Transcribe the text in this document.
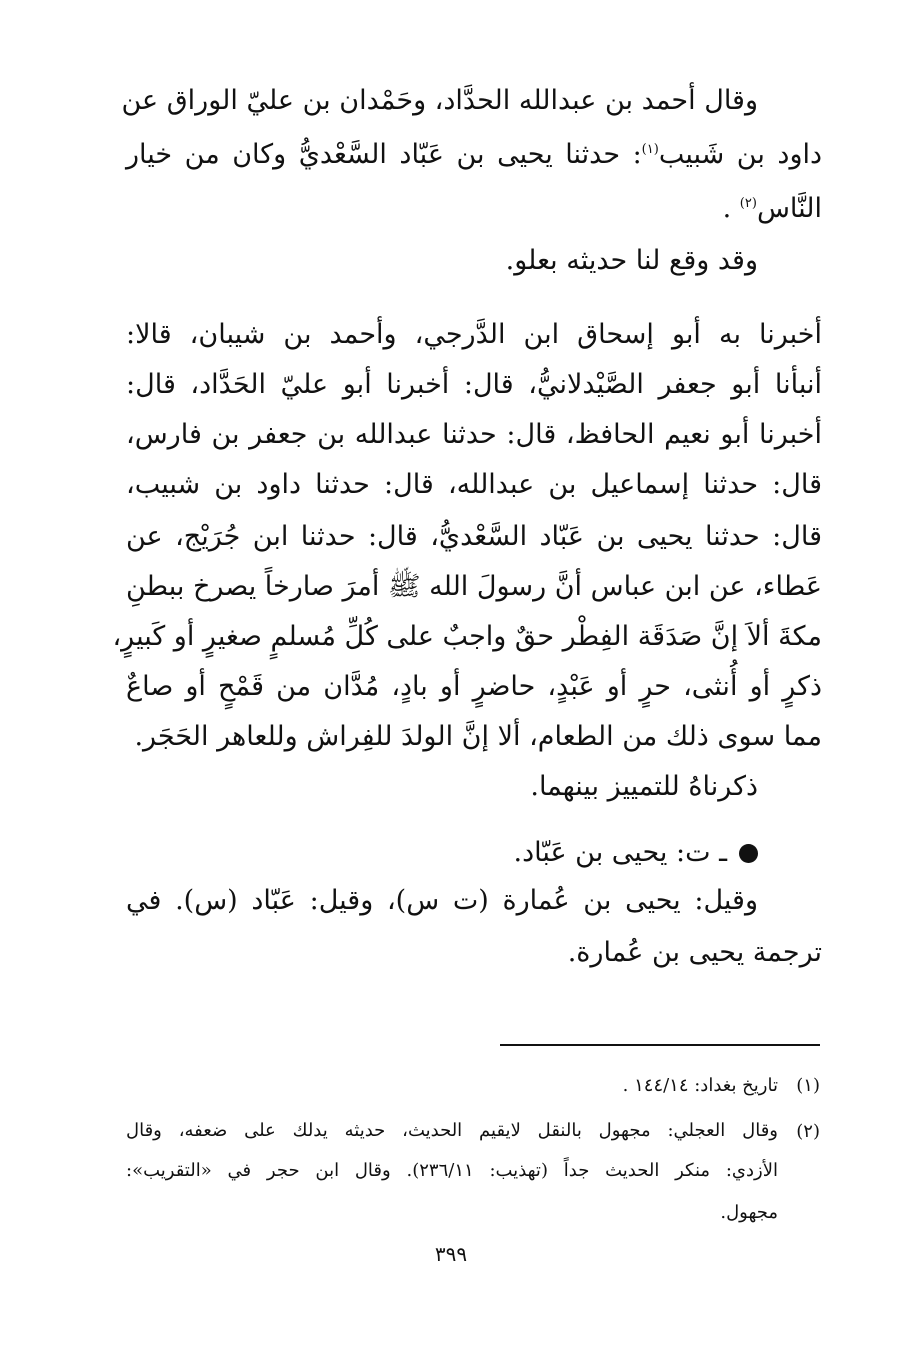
وقال أحمد بن عبدالله الحدَّاد، وحَمْدان بن عليّ الوراق عن
داود بن شَبيب$^{(١)}$: حدثنا يحيى بن عَبّاد السَّعْديُّ وكان من خيار
النَّاس$^{(٢)}$ .
وقد وقع لنا حديثه بعلو.
أخبرنا به أبو إسحاق ابن الدَّرجي، وأحمد بن شيبان، قالا:
أنبأنا أبو جعفر الصَّيْدلانيُّ، قال: أخبرنا أبو عليّ الحَدَّاد، قال:
أخبرنا أبو نعيم الحافظ، قال: حدثنا عبدالله بن جعفر بن فارس،
قال: حدثنا إسماعيل بن عبدالله، قال: حدثنا داود بن شبيب،
قال: حدثنا يحيى بن عَبّاد السَّعْديُّ، قال: حدثنا ابن جُرَيْج، عن
عَطاء، عن ابن عباس أنَّ رسولَ الله ﷺ أمرَ صارخاً يصرخ ببطنِ
مكةَ ألاَ إنَّ صَدَقَة الفِطْر حقٌ واجبٌ على كُلِّ مُسلمٍ صغيرٍ أو كَبيرٍ،
ذكرٍ أو أُنثى، حرٍ أو عَبْدٍ، حاضرٍ أو بادٍ، مُدَّان من قَمْحٍ أو صاعٌ
مما سوى ذلك من الطعام، ألا إنَّ الولدَ للفِراش وللعاهر الحَجَر.
ذكرناهُ للتمييز بينهما.
ـ ت: يحيى بن عَبّاد.
وقيل: يحيى بن عُمارة (ت س)، وقيل: عَبّاد (س). في
ترجمة يحيى بن عُمارة.
(١)تاريخ بغداد: ١٤٤/١٤ .
(٢)
وقال العجلي: مجهول بالنقل لايقيم الحديث، حديثه يدلك على ضعفه، وقال
الأزدي: منكر الحديث جداً (تهذيب: ٢٣٦/١١). وقال ابن حجر في «التقريب»:
مجهول.
٣٩٩
